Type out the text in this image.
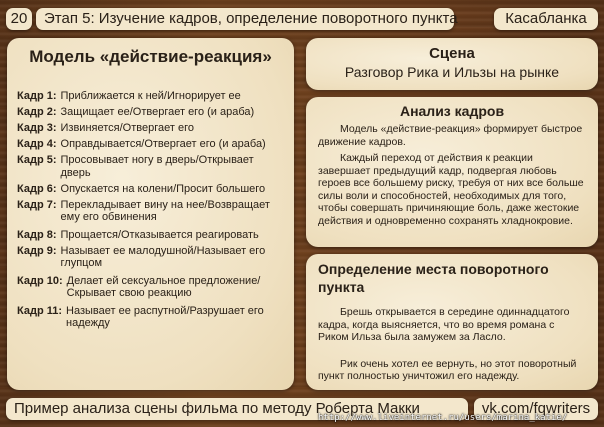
20	Этап 5: Изучение кадров, определение поворотного пункта	Касабланка
Модель «действие-реакция»
Кадр 1: Приближается к ней/Игнорирует ее
Кадр 2: Защищает ее/Отвергает его (и араба)
Кадр 3: Извиняется/Отвергает его
Кадр 4: Оправдывается/Отвергает его (и араба)
Кадр 5: Просовывает ногу в дверь/Открывает дверь
Кадр 6: Опускается на колени/Просит большего
Кадр 7: Перекладывает вину на нее/Возвращает ему его обвинения
Кадр 8: Прощается/Отказывается реагировать
Кадр 9: Называет ее малодушной/Называет его глупцом
Кадр 10: Делает ей сексуальное предложение/Скрывает свою реакцию
Кадр 11: Называет ее распутной/Разрушает его надежду
Сцена
Разговор Рика и Ильзы на рынке
Анализ кадров

Модель «действие-реакция» формирует быстрое движение кадров.

Каждый переход от действия к реакции завершает предыдущий кадр, подвергая любовь героев все большему риску, требуя от них все больше силы воли и способностей, необходимых для того, чтобы совершать причиняющие боль, даже жестокие действия и одновременно сохранять хладнокровие.

Определение места поворотного пункта

Брешь открывается в середине одиннадцатого кадра, когда выясняется, что во время романа с Риком Ильза была замужем за Ласло.

Рик очень хотел ее вернуть, но этот поворотный пункт полностью уничтожил его надежду.

Пример анализа сцены фильма по методу Роберта Макки	vk.com/fqwriters
http://www.liveinternet.ru/users/marina_katie/
